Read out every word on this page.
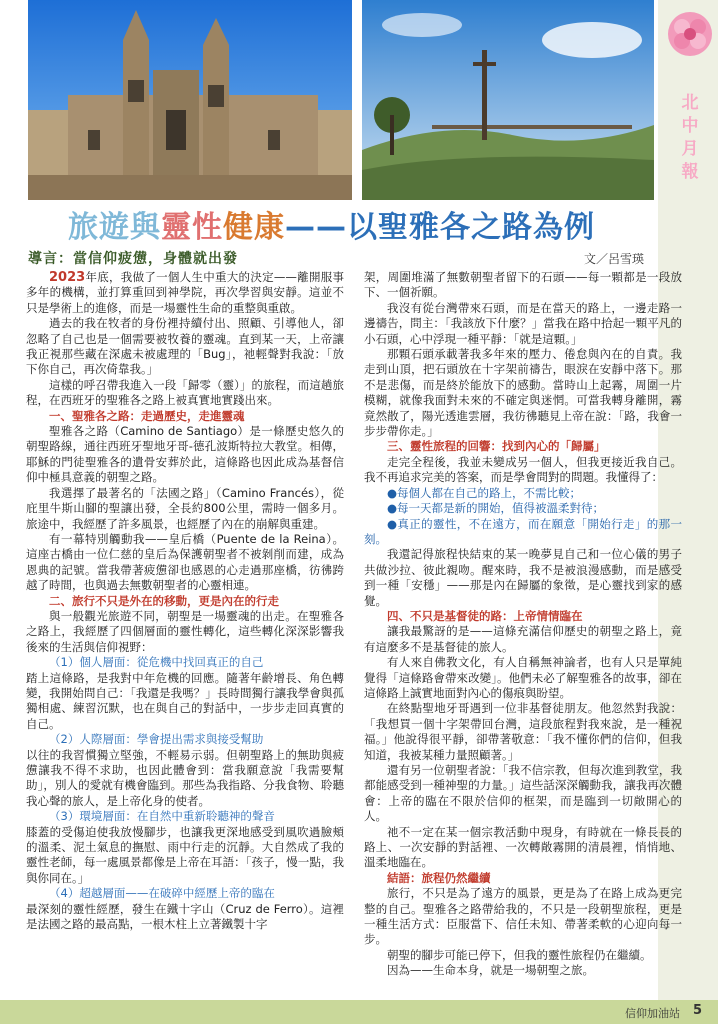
北中月報
旅遊與靈性健康——以聖雅各之路為例
導言：當信仰疲憊，身體就出發	文／呂雪瑛

2023年底，我做了一個人生中重大的決定——離開服事多年的機構，並打算重回到神學院，再次學習與安靜。這並不只是學術上的進修，而是一場靈性生命的重整與重啟。

過去的我在牧者的身份裡持續付出、照顧、引導他人，卻忽略了自己也是一個需要被牧養的靈魂。直到某一天，上帝讓我正視那些藏在深處未被處理的「Bug」，祂輕聲對我說：「放下你自己，再次倚靠我。」

這樣的呼召帶我進入一段「歸零（靈）」的旅程，而這趟旅程，在西班牙的聖雅各之路上被真實地實踐出來。

一、聖雅各之路：走過歷史，走進靈魂

聖雅各之路（Camino de Santiago）是一條歷史悠久的朝聖路線，通往西班牙聖地牙哥-德孔波斯特拉大教堂。相傳，耶穌的門徒聖雅各的遺骨安葬於此，這條路也因此成為基督信仰中極具意義的朝聖之路。

我選擇了最著名的「法國之路」（Camino Francés），從庇里牛斯山腳的聖讓出發，全長約800公里，需時一個多月。旅途中，我經歷了許多風景，也經歷了內在的崩解與重建。

有一幕特別觸動我——皇后橋（Puente de la Reina）。這座古橋由一位仁慈的皇后為保護朝聖者不被剝削而建，成為恩典的記號。當我帶著疲憊卻也感恩的心走過那座橋，彷彿跨越了時間，也與過去無數朝聖者的心靈相連。

二、旅行不只是外在的移動，更是內在的行走

與一般觀光旅遊不同，朝聖是一場靈魂的出走。在聖雅各之路上，我經歷了四個層面的靈性轉化，這些轉化深深影響我後來的生活與信仰視野：

（1）個人層面：從危機中找回真正的自己

踏上這條路，是我對中年危機的回應。隨著年齡增長、角色轉變，我開始問自己：「我還是我嗎？」長時間獨行讓我學會與孤獨相處、練習沉默，也在與自己的對話中，一步步走回真實的自己。

（2）人際層面：學會提出需求與接受幫助

以往的我習慣獨立堅強，不輕易示弱。但朝聖路上的無助與疲憊讓我不得不求助，也因此體會到：當我願意說「我需要幫助」，別人的愛就有機會臨到。那些為我指路、分我食物、聆聽我心聲的旅人，是上帝化身的使者。

（3）環境層面：在自然中重新聆聽神的聲音

膝蓋的受傷迫使我放慢腳步，也讓我更深地感受到風吹過臉頰的溫柔、泥土氣息的撫慰、雨中行走的沉靜。大自然成了我的靈性老師，每一處風景都像是上帝在耳語：「孩子，慢一點，我與你同在。」

（4）超越層面——在破碎中經歷上帝的臨在

最深刻的靈性經歷，發生在鐵十字山（Cruz de Ferro）。這裡是法國之路的最高點，一根木柱上立著鐵製十字

架，周圍堆滿了無數朝聖者留下的石頭——每一顆都是一段放下、一個祈願。

我沒有從台灣帶來石頭，而是在當天的路上，一邊走路一邊禱告，問主：「我該放下什麼？」當我在路中拾起一顆平凡的小石頭，心中浮現一種平靜：「就是這顆。」

那顆石頭承載著我多年來的壓力、倦怠與內在的自責。我走到山頂，把石頭放在十字架前禱告，眼淚在安靜中落下。那不是悲傷，而是終於能放下的感動。當時山上起霧，周圍一片模糊，就像我面對未來的不確定與迷惘。可當我轉身離開，霧竟然散了，陽光透進雲層，我彷彿聽見上帝在說：「路，我會一步步帶你走。」

三、靈性旅程的回響：找到內心的「歸屬」

走完全程後，我並未變成另一個人，但我更接近我自己。我不再追求完美的答案，而是學會問對的問題。我懂得了：

●每個人都在自己的路上，不需比較；

●每一天都是新的開始，值得被溫柔對待；

●真正的靈性，不在遠方，而在願意「開始行走」的那一刻。

我還記得旅程快結束的某一晚夢見自己和一位心儀的男子共做沙拉、彼此親吻。醒來時，我不是被浪漫感動，而是感受到一種「安穩」——那是內在歸屬的象徵，是心靈找到家的感覺。

四、不只是基督徒的路：上帝情情臨在

讓我最驚訝的是——這條充滿信仰歷史的朝聖之路上，竟有這麼多不是基督徒的旅人。

有人來自佛教文化，有人自稱無神論者，也有人只是單純覺得「這條路會帶來改變」。他們未必了解聖雅各的故事，卻在這條路上誠實地面對內心的傷痕與盼望。

在終點聖地牙哥遇到一位非基督徒朋友。他忽然對我說：「我想買一個十字架帶回台灣，這段旅程對我來說，是一種祝福。」他說得很平靜，卻帶著敬意：「我不懂你們的信仰，但我知道，我被某種力量照顧著。」

還有另一位朝聖者說：「我不信宗教，但每次進到教堂，我都能感受到一種神聖的力量。」這些話深深觸動我，讓我再次體會：上帝的臨在不限於信仰的框架，而是臨到一切敞開心的人。

祂不一定在某一個宗教活動中現身，有時就在一條長長的路上、一次安靜的對話裡、一次轉敞霧開的清晨裡，悄悄地、溫柔地臨在。

結語：旅程仍然繼續

旅行，不只是為了遠方的風景，更是為了在路上成為更完整的自己。聖雅各之路帶給我的，不只是一段朝聖旅程，更是一種生活方式：臣服當下、信任未知、帶著柔軟的心迎向每一步。

朝聖的腳步可能已停下，但我的靈性旅程仍在繼續。

因為——生命本身，就是一場朝聖之旅。

信仰加油站 5
